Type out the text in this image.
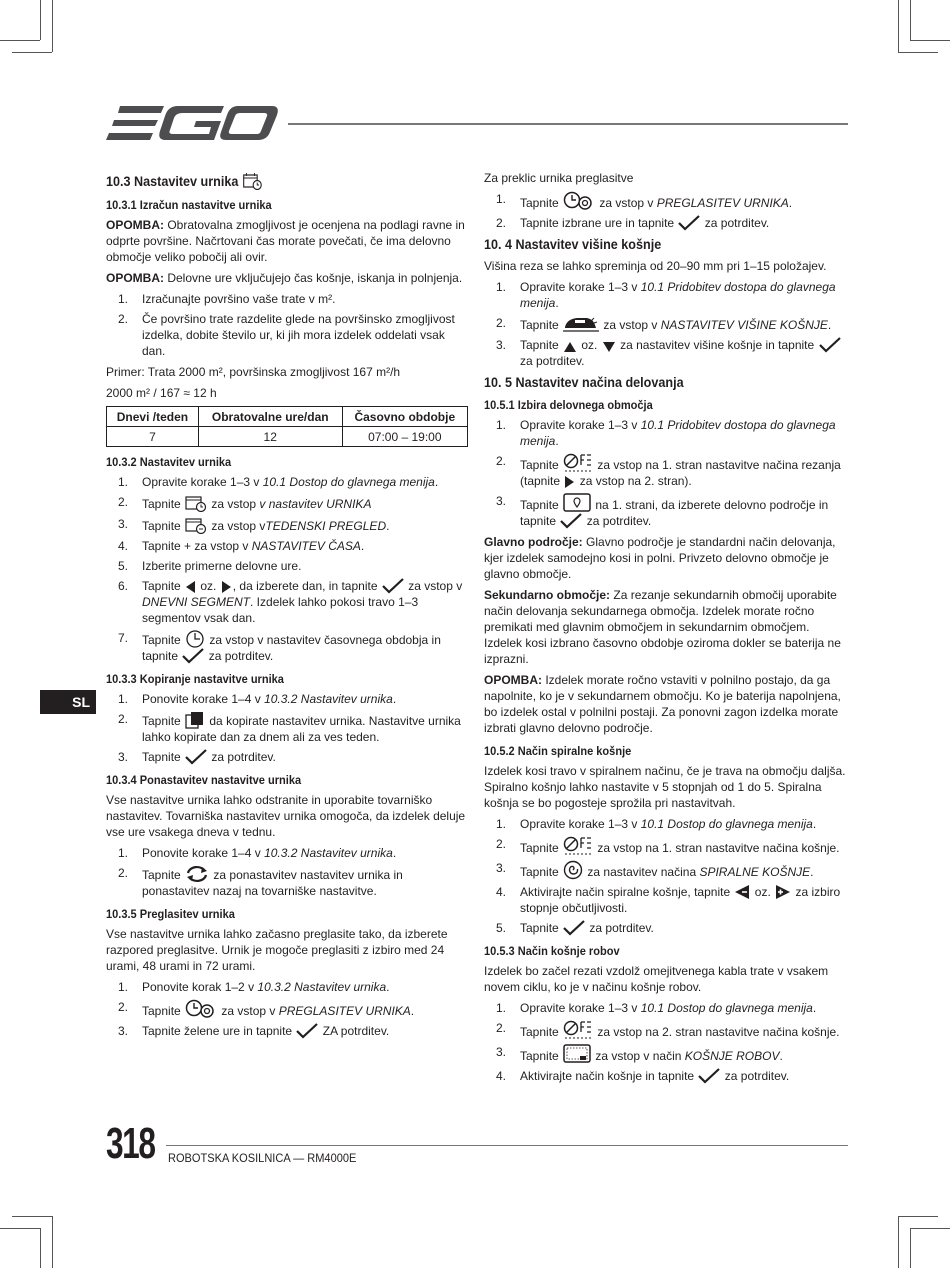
SL
10.3 Nastavitev urnika
10.3.1 Izračun nastavitve urnika

OPOMBA: Obratovalna zmogljivost je ocenjena na podlagi ravne in odprte površine. Načrtovani čas morate povečati, če ima delovno območje veliko pobočij ali ovir.

OPOMBA: Delovne ure vključujejo čas košnje, iskanja in polnjenja.

1. Izračunajte površino vaše trate v m².
2. Če površino trate razdelite glede na površinsko zmogljivost izdelka, dobite število ur, ki jih mora izdelek oddelati vsak dan.

Primer: Trata 2000 m², površinska zmogljivost 167 m²/h

2000 m² / 167 ≈ 12 h

Dnevi /teden	Obratovalne ure/dan	Časovno obdobje
7	12	07:00 – 19:00
10.3.2 Nastavitev urnika
1. Opravite korake 1–3 v 10.1 Dostop do glavnega menija.
2. Tapnite  za vstop v nastavitev URNIKA
3. Tapnite  za vstop vTEDENSKI PREGLED.
4. Tapnite + za vstop v NASTAVITEV ČASA.
5. Izberite primerne delovne ure.
6. Tapnite  oz. , da izberete dan, in tapnite  za vstop v DNEVNI SEGMENT. Izdelek lahko pokosi travo 1–3 segmentov vsak dan.
7. Tapnite  za vstop v nastavitev časovnega obdobja in tapnite  za potrditev.
10.3.3 Kopiranje nastavitve urnika
1. Ponovite korake 1–4 v 10.3.2 Nastavitev urnika.
2. Tapnite  da kopirate nastavitev urnika. Nastavitve urnika lahko kopirate dan za dnem ali za ves teden.
3. Tapnite  za potrditev.
10.3.4 Ponastavitev nastavitve urnika

Vse nastavitve urnika lahko odstranite in uporabite tovarniško nastavitev. Tovarniška nastavitev urnika omogoča, da izdelek deluje vse ure vsakega dneva v tednu.

1. Ponovite korake 1–4 v 10.3.2 Nastavitev urnika.
2. Tapnite  za ponastavitev nastavitev urnika in ponastavitev nazaj na tovarniške nastavitve.
10.3.5 Preglasitev urnika

Vse nastavitve urnika lahko začasno preglasite tako, da izberete razpored preglasitve. Urnik je mogoče preglasiti z izbiro med 24 urami, 48 urami in 72 urami.

1. Ponovite korak 1–2 v 10.3.2 Nastavitev urnika.
2. Tapnite	za vstop v PREGLASITEV URNIKA.
3. Tapnite želene ure in tapnite  ZA potrditev.

Za preklic urnika preglasitve

1. Tapnite	za vstop v PREGLASITEV URNIKA.
2. Tapnite izbrane ure in tapnite  za potrditev.
10. 4 Nastavitev višine košnje

Višina reza se lahko spreminja od 20–90 mm pri 1–15 položajev.

1. Opravite korake 1–3 v 10.1 Pridobitev dostopa do glavnega menija.
2. Tapnite	za vstop v NASTAVITEV VIŠINE KOŠNJE.
3. Tapnite  oz.  za nastavitev višine košnje in tapnite  za potrditev.
10. 5 Nastavitev načina delovanja
10.5.1 Izbira delovnega območja
1. Opravite korake 1–3 v 10.1 Pridobitev dostopa do glavnega menija.
2. Tapnite	za vstop na 1. stran nastavitve načina rezanja (tapnite  za vstop na 2. stran).
3. Tapnite	na 1. strani, da izberete delovno področje in tapnite  za potrditev.

Glavno področje: Glavno področje je standardni način delovanja, kjer izdelek samodejno kosi in polni. Privzeto delovno območje je glavno območje.

Sekundarno območje: Za rezanje sekundarnih območij uporabite način delovanja sekundarnega območja. Izdelek morate ročno premikati med glavnim območjem in sekundarnim območjem. Izdelek kosi izbrano časovno obdobje oziroma dokler se baterija ne izprazni.

OPOMBA: Izdelek morate ročno vstaviti v polnilno postajo, da ga napolnite, ko je v sekundarnem območju. Ko je baterija napolnjena, bo izdelek ostal v polnilni postaji. Za ponovni zagon izdelka morate izbrati glavno delovno področje.

10.5.2 Način spiralne košnje

Izdelek kosi travo v spiralnem načinu, če je trava na območju daljša. Spiralno košnjo lahko nastavite v 5 stopnjah od 1 do 5. Spiralna košnja se bo pogosteje sprožila pri nastavitvah.

1. Opravite korake 1–3 v 10.1 Dostop do glavnega menija.
2. Tapnite	za vstop na 1. stran nastavitve načina košnje.
3. Tapnite  za nastavitev načina SPIRALNE KOŠNJE.
4. Aktivirajte način spiralne košnje, tapnite  oz.  za izbiro stopnje občutljivosti.
5. Tapnite  za potrditev.
10.5.3 Način košnje robov

Izdelek bo začel rezati vzdolž omejitvenega kabla trate v vsakem novem ciklu, ko je v načinu košnje robov.

1. Opravite korake 1–3 v 10.1 Dostop do glavnega menija.
2. Tapnite	za vstop na 2. stran nastavitve načina košnje.
3. Tapnite	za vstop v način KOŠNJE ROBOV.
4. Aktivirajte način košnje in tapnite  za potrditev.
318 ROBOTSKA KOSILNICA — RM4000E
